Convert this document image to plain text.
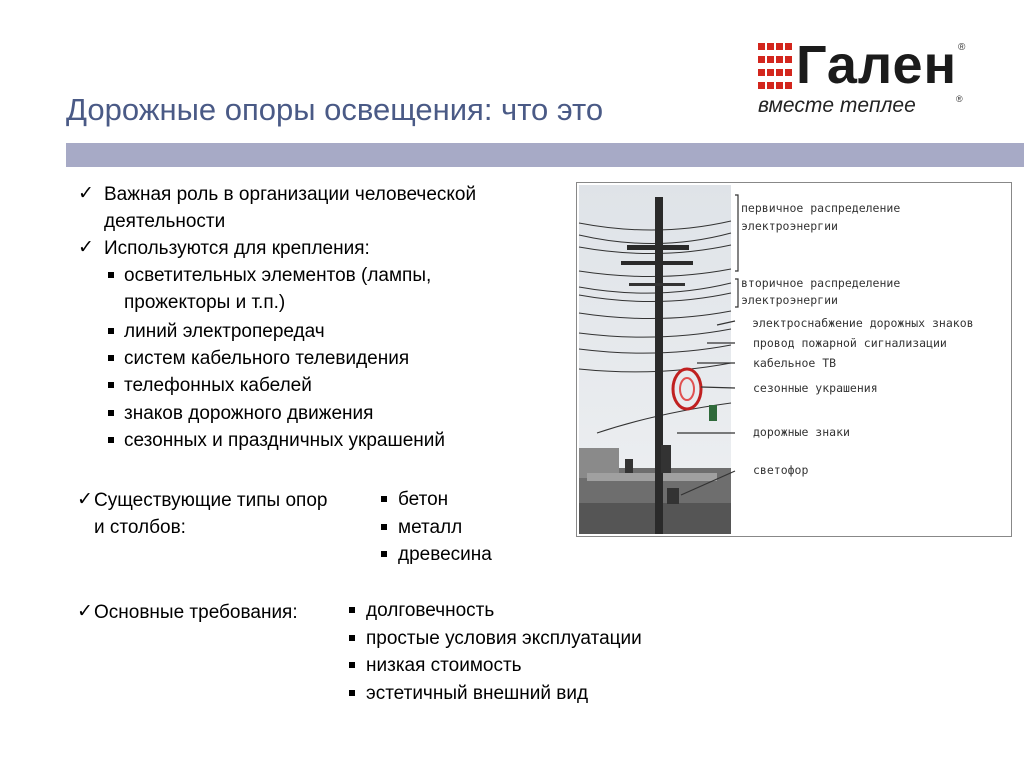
Дорожные опоры освещения: что это
Гален ®
вместе теплее	®
✓ Важная роль в организации человеческой
деятельности
✓ Используются для крепления:
осветительных элементов (лампы,
прожекторы и т.п.)
линий электропередач
систем кабельного телевидения
телефонных кабелей
знаков дорожного движения
сезонных и праздничных украшений
✓ Существующие типы опор
и столбов:
бетон
металл
древесина
✓ Основные требования:	долговечность
простые условия эксплуатации
низкая стоимость
эстетичный внешний вид
первичное распределение
электроэнергии
вторичное распределение
электроэнергии
электроснабжение дорожных знаков
провод пожарной сигнализации
кабельное ТВ
сезонные украшения
дорожные знаки
светофор
